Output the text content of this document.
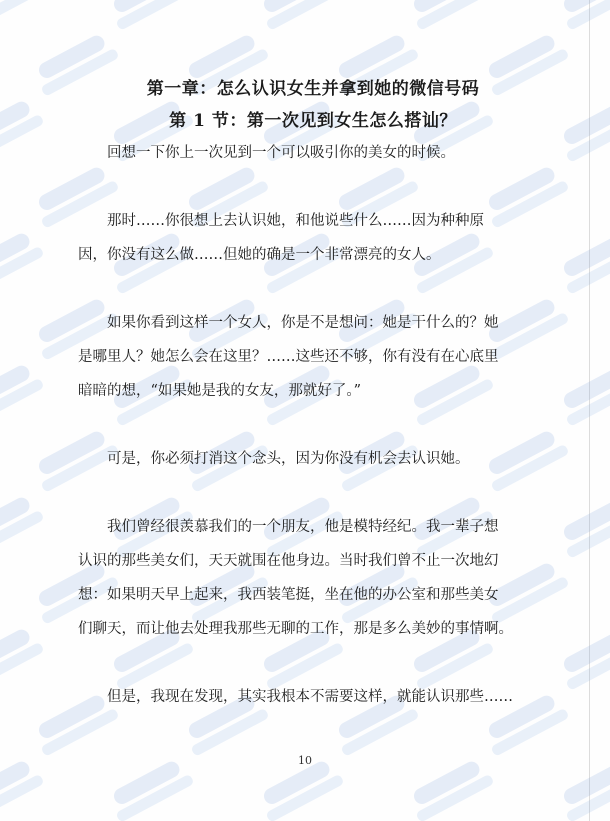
第一章：怎么认识女生并拿到她的微信号码
第 1 节：第一次见到女生怎么搭讪？

回想一下你上一次见到一个可以吸引你的美女的时候。

那时……你很想上去认识她，和他说些什么……因为种种原
因，你没有这么做……但她的确是一个非常漂亮的女人。

如果你看到这样一个女人，你是不是想问：她是干什么的？她
是哪里人？她怎么会在这里？……这些还不够，你有没有在心底里
暗暗的想，“如果她是我的女友，那就好了。”

可是，你必须打消这个念头，因为你没有机会去认识她。

我们曾经很羡慕我们的一个朋友，他是模特经纪。我一辈子想
认识的那些美女们，天天就围在他身边。当时我们曾不止一次地幻
想：如果明天早上起来，我西装笔挺，坐在他的办公室和那些美女
们聊天，而让他去处理我那些无聊的工作，那是多么美妙的事情啊。

但是，我现在发现，其实我根本不需要这样，就能认识那些……

10
